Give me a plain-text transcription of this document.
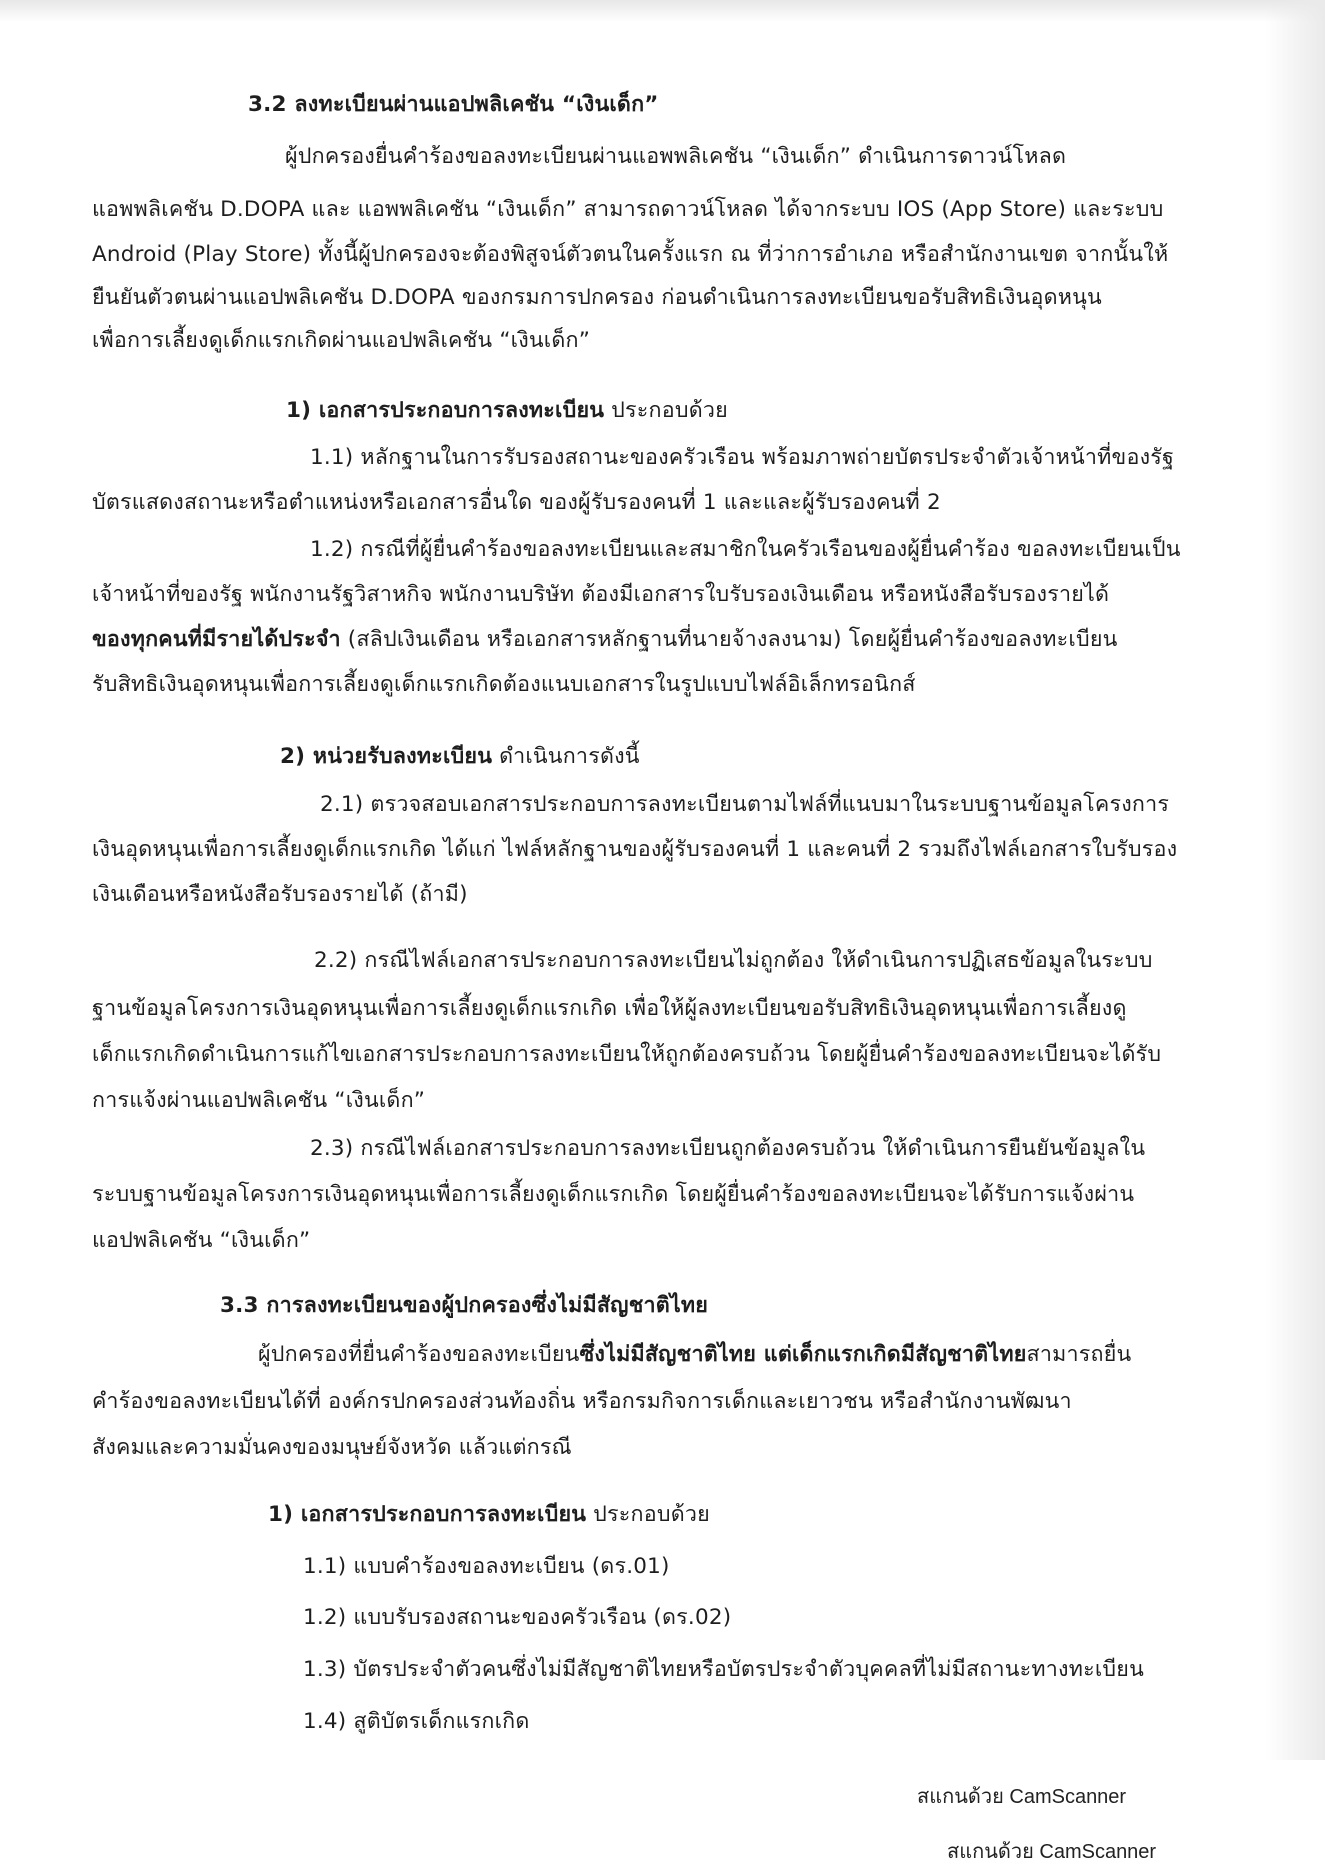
3.2 ลงทะเบียนผ่านแอปพลิเคชัน “เงินเด็ก”
ผู้ปกครองยื่นคำร้องขอลงทะเบียนผ่านแอพพลิเคชัน “เงินเด็ก” ดำเนินการดาวน์โหลด
แอพพลิเคชัน D.DOPA และ แอพพลิเคชัน “เงินเด็ก” สามารถดาวน์โหลด ได้จากระบบ IOS (App Store) และระบบ
Android (Play Store) ทั้งนี้ผู้ปกครองจะต้องพิสูจน์ตัวตนในครั้งแรก ณ ที่ว่าการอำเภอ หรือสำนักงานเขต จากนั้นให้
ยืนยันตัวตนผ่านแอปพลิเคชัน D.DOPA ของกรมการปกครอง ก่อนดำเนินการลงทะเบียนขอรับสิทธิเงินอุดหนุน
เพื่อการเลี้ยงดูเด็กแรกเกิดผ่านแอปพลิเคชัน “เงินเด็ก”
1) เอกสารประกอบการลงทะเบียน ประกอบด้วย
1.1) หลักฐานในการรับรองสถานะของครัวเรือน พร้อมภาพถ่ายบัตรประจำตัวเจ้าหน้าที่ของรัฐ
บัตรแสดงสถานะหรือตำแหน่งหรือเอกสารอื่นใด ของผู้รับรองคนที่ 1 และและผู้รับรองคนที่ 2
1.2) กรณีที่ผู้ยื่นคำร้องขอลงทะเบียนและสมาชิกในครัวเรือนของผู้ยื่นคำร้อง ขอลงทะเบียนเป็น
เจ้าหน้าที่ของรัฐ พนักงานรัฐวิสาหกิจ พนักงานบริษัท ต้องมีเอกสารใบรับรองเงินเดือน หรือหนังสือรับรองรายได้
ของทุกคนที่มีรายได้ประจำ (สลิปเงินเดือน หรือเอกสารหลักฐานที่นายจ้างลงนาม) โดยผู้ยื่นคำร้องขอลงทะเบียน
รับสิทธิเงินอุดหนุนเพื่อการเลี้ยงดูเด็กแรกเกิดต้องแนบเอกสารในรูปแบบไฟล์อิเล็กทรอนิกส์
2) หน่วยรับลงทะเบียน ดำเนินการดังนี้
2.1) ตรวจสอบเอกสารประกอบการลงทะเบียนตามไฟล์ที่แนบมาในระบบฐานข้อมูลโครงการ
เงินอุดหนุนเพื่อการเลี้ยงดูเด็กแรกเกิด ได้แก่ ไฟล์หลักฐานของผู้รับรองคนที่ 1 และคนที่ 2 รวมถึงไฟล์เอกสารใบรับรอง
เงินเดือนหรือหนังสือรับรองรายได้ (ถ้ามี)
2.2) กรณีไฟล์เอกสารประกอบการลงทะเบียนไม่ถูกต้อง ให้ดำเนินการปฏิเสธข้อมูลในระบบ
ฐานข้อมูลโครงการเงินอุดหนุนเพื่อการเลี้ยงดูเด็กแรกเกิด เพื่อให้ผู้ลงทะเบียนขอรับสิทธิเงินอุดหนุนเพื่อการเลี้ยงดู
เด็กแรกเกิดดำเนินการแก้ไขเอกสารประกอบการลงทะเบียนให้ถูกต้องครบถ้วน โดยผู้ยื่นคำร้องขอลงทะเบียนจะได้รับ
การแจ้งผ่านแอปพลิเคชัน “เงินเด็ก”
2.3) กรณีไฟล์เอกสารประกอบการลงทะเบียนถูกต้องครบถ้วน ให้ดำเนินการยืนยันข้อมูลใน
ระบบฐานข้อมูลโครงการเงินอุดหนุนเพื่อการเลี้ยงดูเด็กแรกเกิด โดยผู้ยื่นคำร้องขอลงทะเบียนจะได้รับการแจ้งผ่าน
แอปพลิเคชัน “เงินเด็ก”
3.3 การลงทะเบียนของผู้ปกครองซึ่งไม่มีสัญชาติไทย
ผู้ปกครองที่ยื่นคำร้องขอลงทะเบียนซึ่งไม่มีสัญชาติไทย แต่เด็กแรกเกิดมีสัญชาติไทยสามารถยื่น
คำร้องขอลงทะเบียนได้ที่ องค์กรปกครองส่วนท้องถิ่น หรือกรมกิจการเด็กและเยาวชน หรือสำนักงานพัฒนา
สังคมและความมั่นคงของมนุษย์จังหวัด แล้วแต่กรณี
1) เอกสารประกอบการลงทะเบียน ประกอบด้วย
1.1) แบบคำร้องขอลงทะเบียน (ดร.01)
1.2) แบบรับรองสถานะของครัวเรือน (ดร.02)
1.3) บัตรประจำตัวคนซึ่งไม่มีสัญชาติไทยหรือบัตรประจำตัวบุคคลที่ไม่มีสถานะทางทะเบียน
1.4) สูติบัตรเด็กแรกเกิด
สแกนด้วย CamScanner
สแกนด้วย CamScanner
